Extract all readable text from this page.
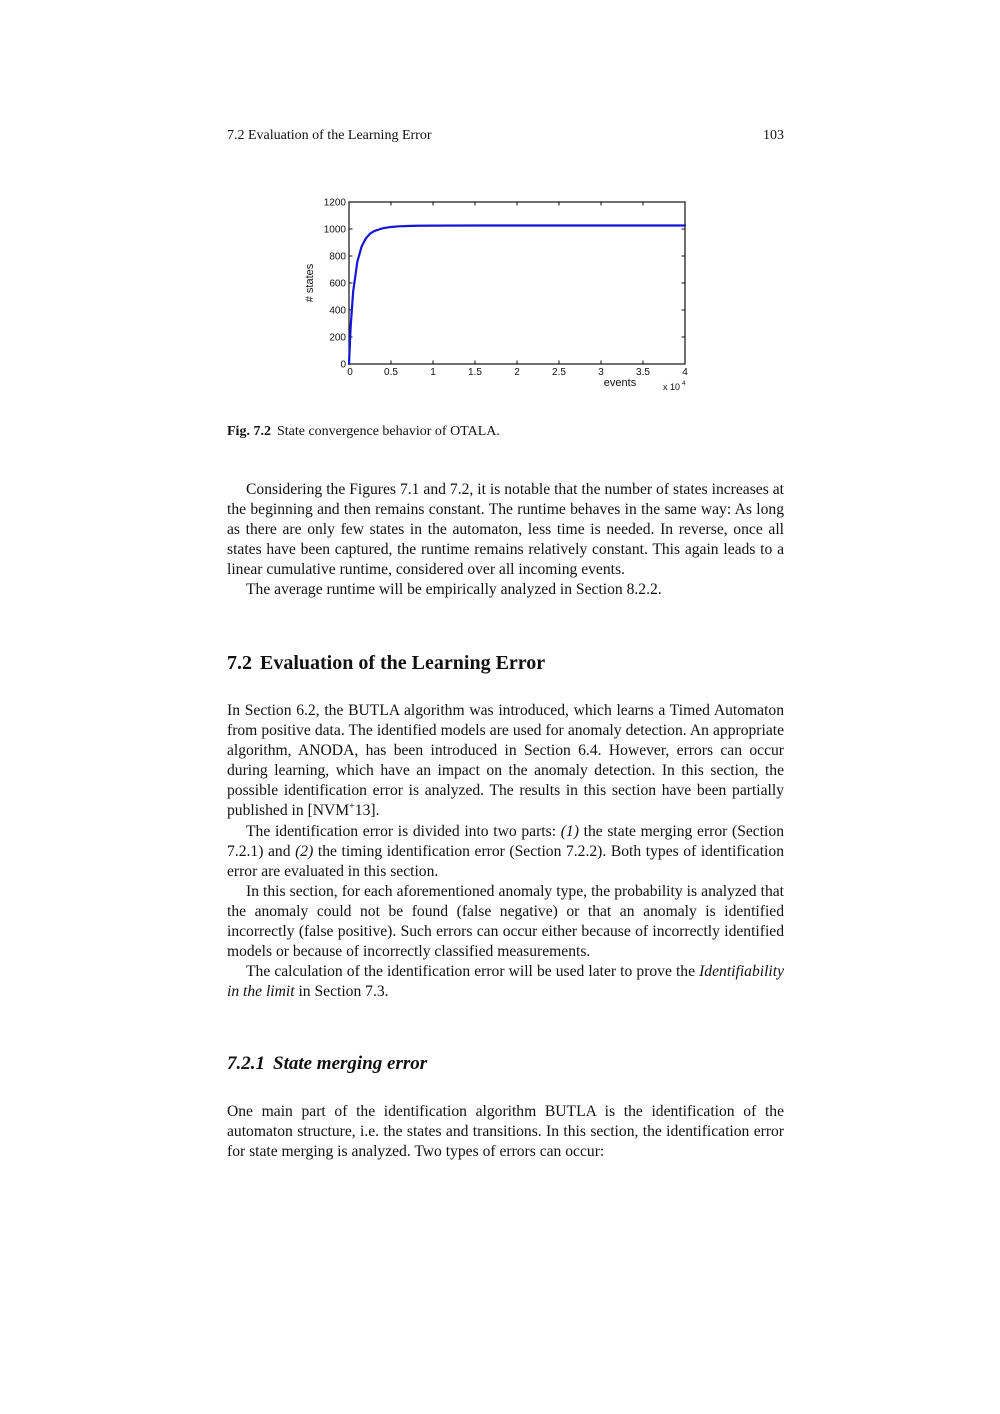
7.2 Evaluation of the Learning Error	103
0	0.5	1	1.5	2	2.5	3	3.5	4
0
200
400
600
800
1000
1200
events
# states
x 10 4
Fig. 7.2 State convergence behavior of OTALA.

Considering the Figures 7.1 and 7.2, it is notable that the number of states increases at the beginning and then remains constant. The runtime behaves in the same way: As long as there are only few states in the automaton, less time is needed. In reverse, once all states have been captured, the runtime remains relatively constant. This again leads to a linear cumulative runtime, considered over all incoming events.

The average runtime will be empirically analyzed in Section 8.2.2.

7.2 Evaluation of the Learning Error

In Section 6.2, the BUTLA algorithm was introduced, which learns a Timed Automaton from positive data. The identified models are used for anomaly detection. An appropriate algorithm, ANODA, has been introduced in Section 6.4. However, errors can occur during learning, which have an impact on the anomaly detection. In this section, the possible identification error is analyzed. The results in this section have been partially published in [NVM+13].

The identification error is divided into two parts: (1) the state merging error (Section 7.2.1) and (2) the timing identification error (Section 7.2.2). Both types of identification error are evaluated in this section.

In this section, for each aforementioned anomaly type, the probability is analyzed that the anomaly could not be found (false negative) or that an anomaly is identified incorrectly (false positive). Such errors can occur either because of incorrectly identified models or because of incorrectly classified measurements.

The calculation of the identification error will be used later to prove the Identifiability in the limit in Section 7.3.

7.2.1 State merging error

One main part of the identification algorithm BUTLA is the identification of the automaton structure, i.e. the states and transitions. In this section, the identification error for state merging is analyzed. Two types of errors can occur:
